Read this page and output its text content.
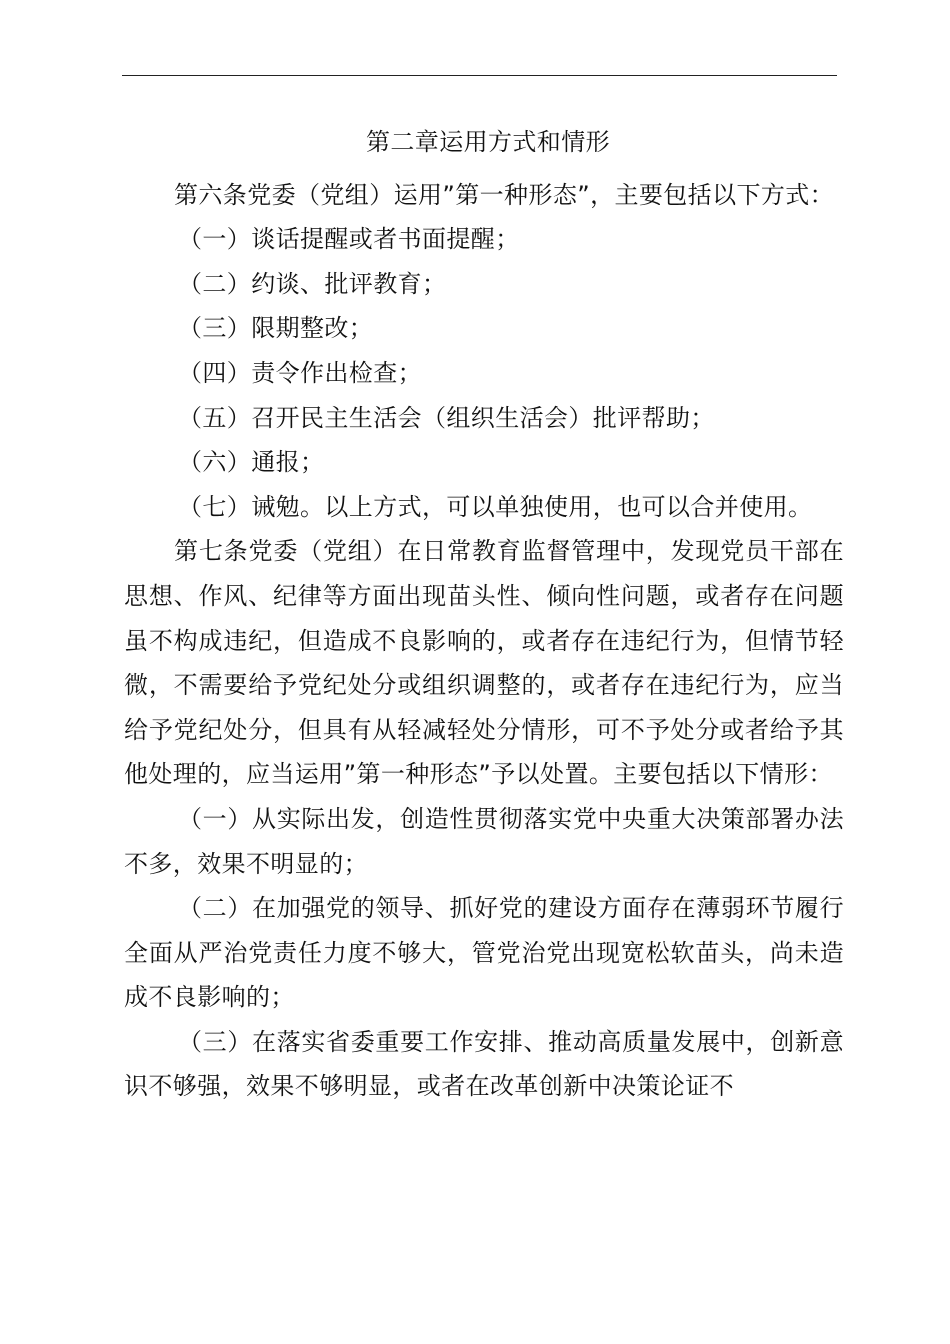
第二章运用方式和情形

第六条党委（党组）运用”第一种形态”，主要包括以下方式：

（一）谈话提醒或者书面提醒；

（二）约谈、批评教育；

（三）限期整改；

（四）责令作出检查；

（五）召开民主生活会（组织生活会）批评帮助；

（六）通报；

（七）诫勉。以上方式，可以单独使用，也可以合并使用。

第七条党委（党组）在日常教育监督管理中，发现党员干部在思想、作风、纪律等方面出现苗头性、倾向性问题，或者存在问题虽不构成违纪，但造成不良影响的，或者存在违纪行为，但情节轻微，不需要给予党纪处分或组织调整的，或者存在违纪行为，应当给予党纪处分，但具有从轻减轻处分情形，可不予处分或者给予其他处理的，应当运用”第一种形态”予以处置。主要包括以下情形：

（一）从实际出发，创造性贯彻落实党中央重大决策部署办法不多，效果不明显的；

（二）在加强党的领导、抓好党的建设方面存在薄弱环节履行全面从严治党责任力度不够大，管党治党出现宽松软苗头，尚未造成不良影响的；

（三）在落实省委重要工作安排、推动高质量发展中，创新意识不够强，效果不够明显，或者在改革创新中决策论证不
